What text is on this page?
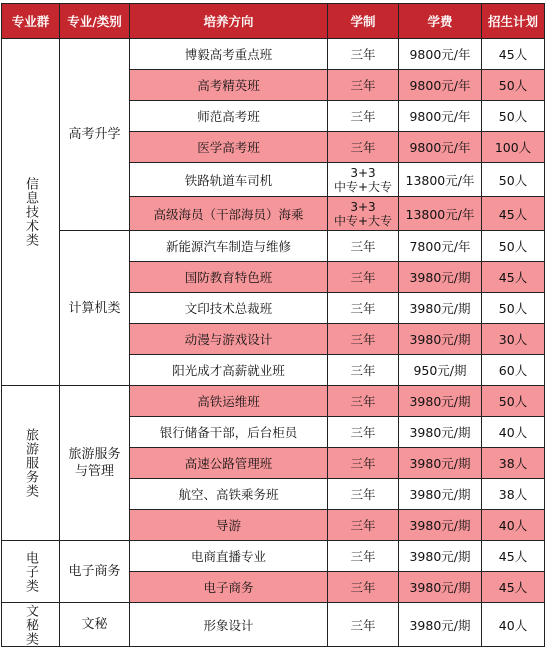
专业群	专业/类别	培养方向	学制	学费	招生计划
信息技术类	高考升学	博毅高考重点班	三年	9800元/年	45人
		高考精英班	三年	9800元/年	50人
		师范高考班	三年	9800元/年	50人
		医学高考班	三年	9800元/年	100人
		铁路轨道车司机	3+3
中专+大专	13800元/年	50人
		高级海员（干部海员）海乘	3+3
中专+大专	13800元/年	45人
	计算机类	新能源汽车制造与维修	三年	7800元/年	50人
		国防教育特色班	三年	3980元/期	45人
		文印技术总裁班	三年	3980元/期	50人
		动漫与游戏设计	三年	3980元/期	30人
		阳光成才高薪就业班	三年	950元/期	60人
旅游服务类	旅游服务
与管理	高铁运维班	三年	3980元/期	50人
		银行储备干部，后台柜员	三年	3980元/期	40人
		高速公路管理班	三年	3980元/期	38人
		航空、高铁乘务班	三年	3980元/期	38人
		导游	三年	3980元/期	40人
电子类	电子商务	电商直播专业	三年	3980元/期	45人
		电子商务	三年	3980元/期	45人
文秘类	文秘	形象设计	三年	3980元/期	40人
